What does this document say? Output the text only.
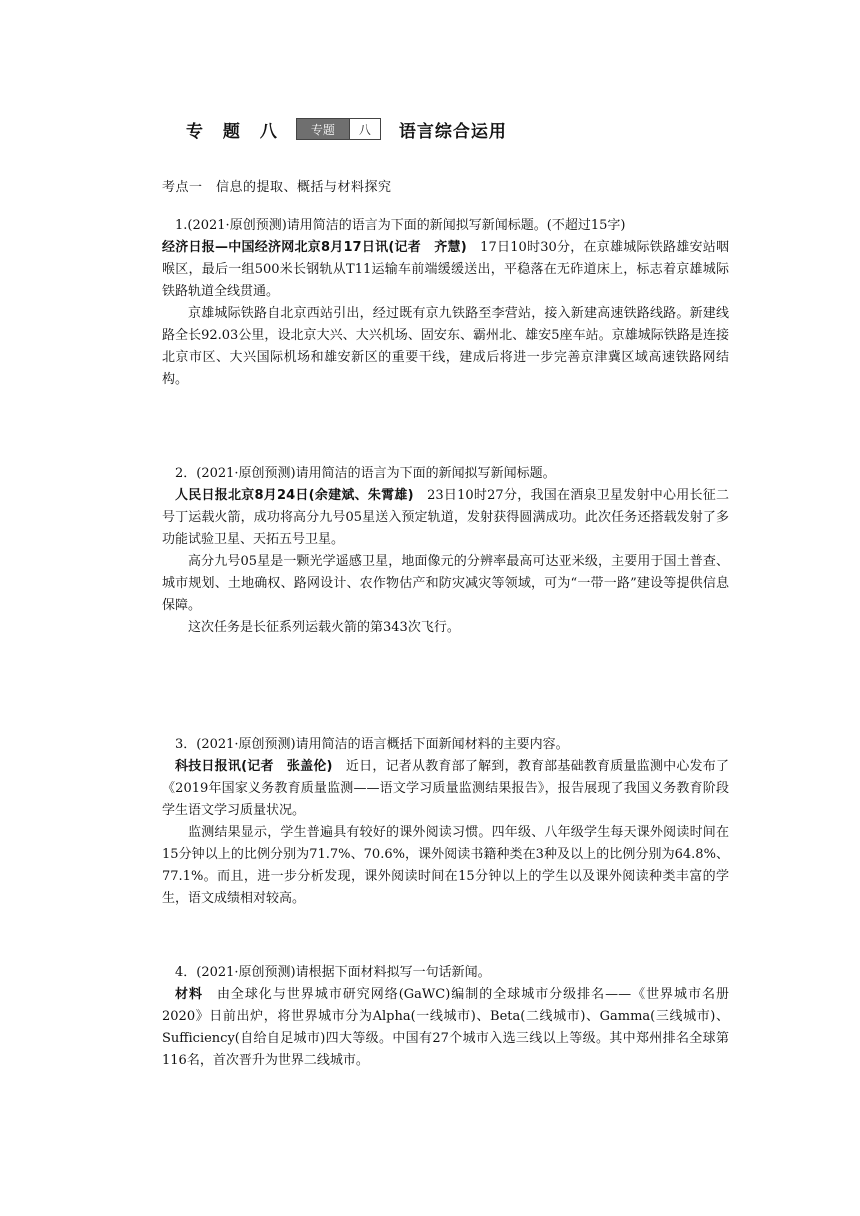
专 题 八	专题	八	语言综合运用
考点一　信息的提取、概括与材料探究

1.(2021·原创预测)请用简洁的语言为下面的新闻拟写新闻标题。(不超过15字)

经济日报—中国经济网北京8月17日讯(记者　齐慧)　17日10时30分，在京雄城际铁路雄安站咽喉区，最后一组500米长钢轨从T11运输车前端缓缓送出，平稳落在无砟道床上，标志着京雄城际铁路轨道全线贯通。

京雄城际铁路自北京西站引出，经过既有京九铁路至李营站，接入新建高速铁路线路。新建线路全长92.03公里，设北京大兴、大兴机场、固安东、霸州北、雄安5座车站。京雄城际铁路是连接北京市区、大兴国际机场和雄安新区的重要干线，建成后将进一步完善京津冀区域高速铁路网结构。

2．(2021·原创预测)请用简洁的语言为下面的新闻拟写新闻标题。

人民日报北京8月24日(余建斌、朱霄雄)　23日10时27分，我国在酒泉卫星发射中心用长征二号丁运载火箭，成功将高分九号05星送入预定轨道，发射获得圆满成功。此次任务还搭载发射了多功能试验卫星、天拓五号卫星。

高分九号05星是一颗光学遥感卫星，地面像元的分辨率最高可达亚米级，主要用于国土普查、城市规划、土地确权、路网设计、农作物估产和防灾减灾等领域，可为“一带一路”建设等提供信息保障。

这次任务是长征系列运载火箭的第343次飞行。

3．(2021·原创预测)请用简洁的语言概括下面新闻材料的主要内容。

科技日报讯(记者　张盖伦)　近日，记者从教育部了解到，教育部基础教育质量监测中心发布了《2019年国家义务教育质量监测——语文学习质量监测结果报告》，报告展现了我国义务教育阶段学生语文学习质量状况。

监测结果显示，学生普遍具有较好的课外阅读习惯。四年级、八年级学生每天课外阅读时间在15分钟以上的比例分别为71.7%、70.6%，课外阅读书籍种类在3种及以上的比例分别为64.8%、77.1%。而且，进一步分析发现，课外阅读时间在15分钟以上的学生以及课外阅读种类丰富的学生，语文成绩相对较高。

4．(2021·原创预测)请根据下面材料拟写一句话新闻。

材料　由全球化与世界城市研究网络(GaWC)编制的全球城市分级排名——《世界城市名册2020》日前出炉，将世界城市分为Alpha(一线城市)、Beta(二线城市)、Gamma(三线城市)、Sufficiency(自给自足城市)四大等级。中国有27个城市入选三线以上等级。其中郑州排名全球第116名，首次晋升为世界二线城市。
